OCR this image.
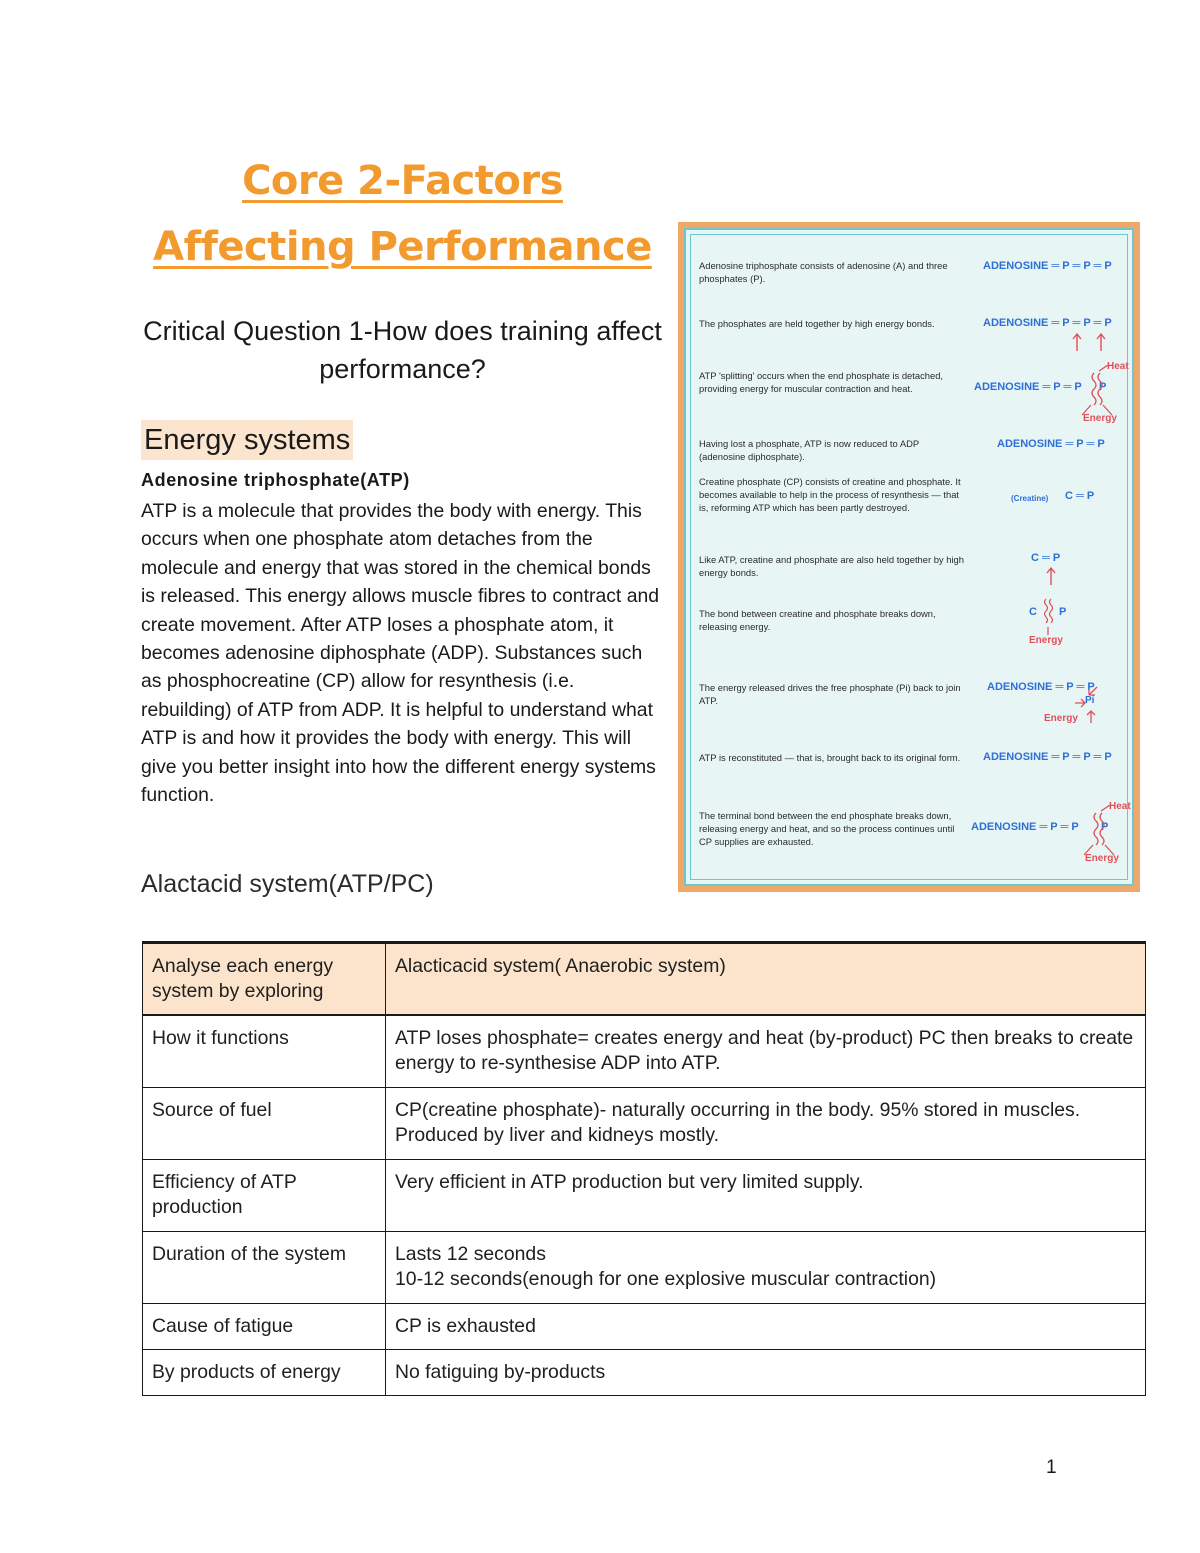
Core 2-Factors Affecting Performance
Critical Question 1-How does training affect performance?
Energy systems
Adenosine triphosphate(ATP)
ATP is a molecule that provides the body with energy. This occurs when one phosphate atom detaches from the molecule and energy that was stored in the chemical bonds is released. This energy allows muscle fibres to contract and create movement. After ATP loses a phosphate atom, it becomes adenosine diphosphate (ADP). Substances such as phosphocreatine (CP) allow for resynthesis (i.e. rebuilding) of ATP from ADP. It is helpful to understand what ATP is and how it provides the body with energy. This will give you better insight into how the different energy systems function.
Alactacid system(ATP/PC)
Adenosine triphosphate consists of adenosine (A) and three phosphates (P).
ADENOSINE ═ P ═ P ═ P
The phosphates are held together by high energy bonds.	ADENOSINE ═ P ═ P ═ P
ATP 'splitting' occurs when the end phosphate is detached, providing energy for muscular contraction and heat.	ADENOSINE ═ P ═ P P
Heat
Energy
Having lost a phosphate, ATP is now reduced to ADP (adenosine diphosphate).
ADENOSINE ═ P ═ P
Creatine phosphate (CP) consists of creatine and phosphate. It becomes available to help in the process of resynthesis — that is, reforming ATP which has been partly destroyed.
(Creatine) C ═ P
Like ATP, creatine and phosphate are also held together by high energy bonds.
C ═ P
The bond between creatine and phosphate breaks down, releasing energy.
C P
Energy
The energy released drives the free phosphate (Pi) back to join ATP.
ADENOSINE ═ P ═ P
Pi
Energy
ATP is reconstituted — that is, brought back to its original form.	ADENOSINE ═ P ═ P ═ P
The terminal bond between the end phosphate breaks down, releasing energy and heat, and so the process continues until CP supplies are exhausted.
ADENOSINE ═ P ═ P P
Heat
Energy
Analyse each energy system by exploring	Alacticacid system( Anaerobic system)
How it functions	ATP loses phosphate= creates energy and heat (by-product) PC then breaks to create energy to re-synthesise ADP into ATP.
Source of fuel	CP(creatine phosphate)- naturally occurring in the body. 95% stored in muscles. Produced by liver and kidneys mostly.
Efficiency of ATP production	Very efficient in ATP production but very limited supply.
Duration of the system	Lasts 12 seconds
10-12 seconds(enough for one explosive muscular contraction)

Cause of fatigue	CP is exhausted
By products of energy	No fatiguing by-products
1
